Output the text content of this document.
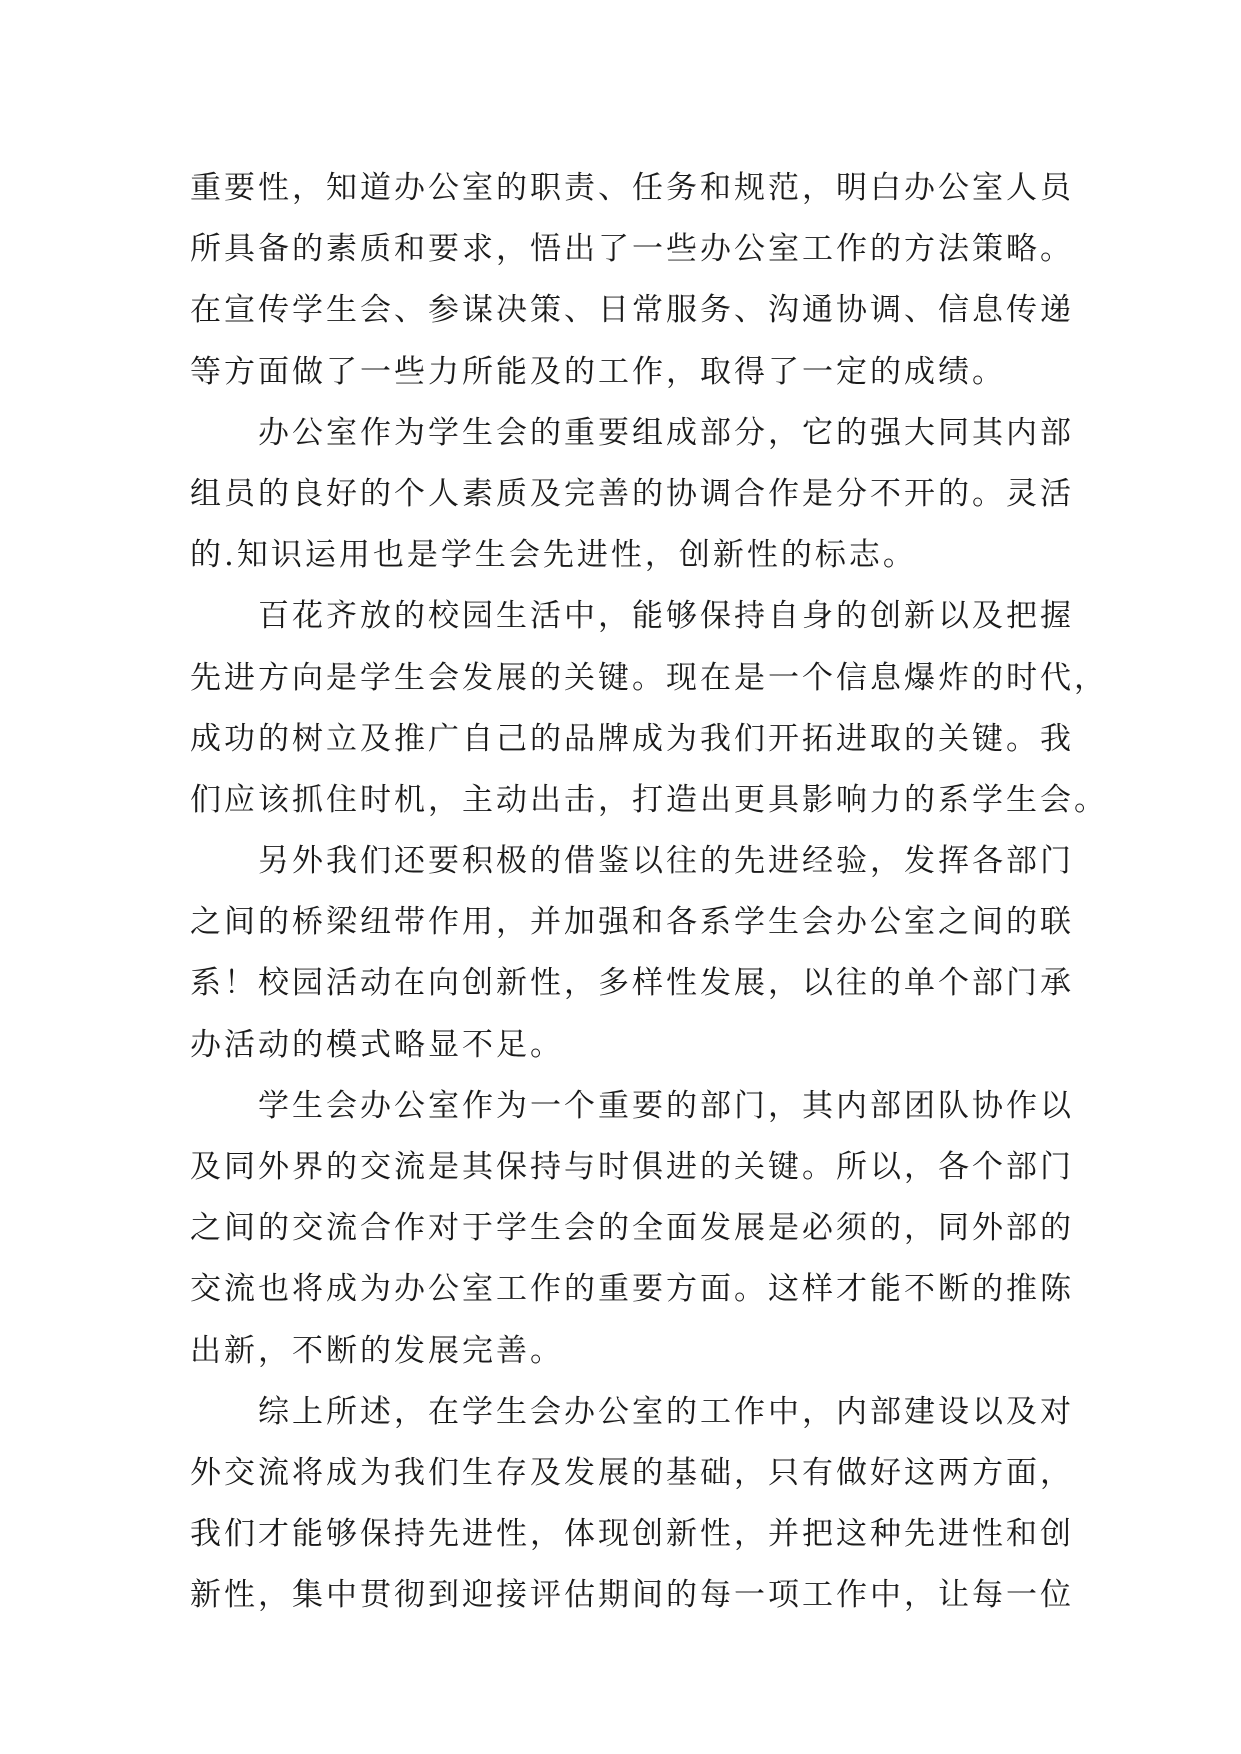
重要性，知道办公室的职责、任务和规范，明白办公室人员
所具备的素质和要求，悟出了一些办公室工作的方法策略。
在宣传学生会、参谋决策、日常服务、沟通协调、信息传递
等方面做了一些力所能及的工作，取得了一定的成绩。
办公室作为学生会的重要组成部分，它的强大同其内部
组员的良好的个人素质及完善的协调合作是分不开的。灵活
的.知识运用也是学生会先进性，创新性的标志。
百花齐放的校园生活中，能够保持自身的创新以及把握
先进方向是学生会发展的关键。现在是一个信息爆炸的时代，
成功的树立及推广自己的品牌成为我们开拓进取的关键。我
们应该抓住时机，主动出击，打造出更具影响力的系学生会。
另外我们还要积极的借鉴以往的先进经验，发挥各部门
之间的桥梁纽带作用，并加强和各系学生会办公室之间的联
系！校园活动在向创新性，多样性发展，以往的单个部门承
办活动的模式略显不足。
学生会办公室作为一个重要的部门，其内部团队协作以
及同外界的交流是其保持与时俱进的关键。所以，各个部门
之间的交流合作对于学生会的全面发展是必须的，同外部的
交流也将成为办公室工作的重要方面。这样才能不断的推陈
出新，不断的发展完善。
综上所述，在学生会办公室的工作中，内部建设以及对
外交流将成为我们生存及发展的基础，只有做好这两方面，
我们才能够保持先进性，体现创新性，并把这种先进性和创
新性，集中贯彻到迎接评估期间的每一项工作中，让每一位
